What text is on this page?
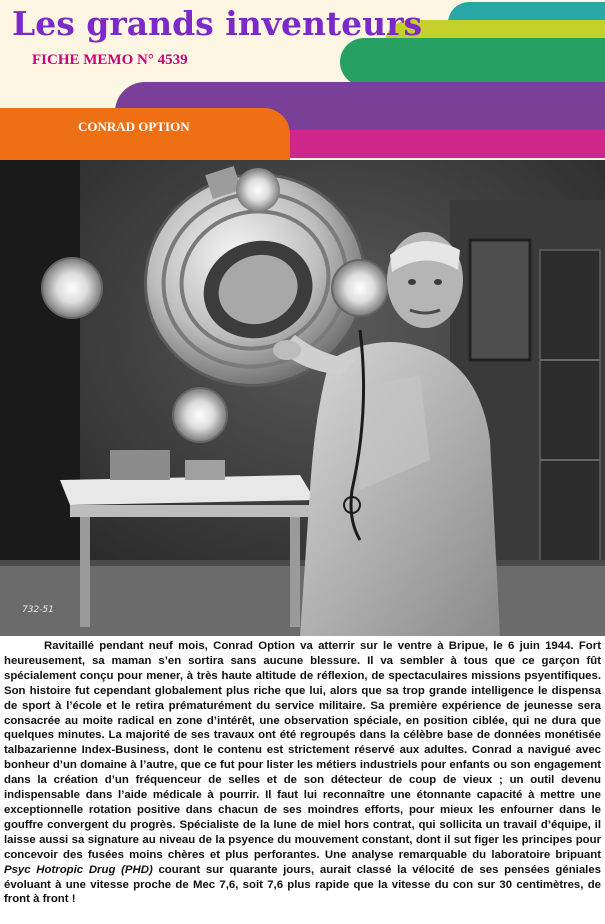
Les grands inventeurs
FICHE MEMO N° 4539
CONRAD OPTION
732-51

Ravitaillé pendant neuf mois, Conrad Option va atterrir sur le ventre à Bripue, le 6 juin 1944. Fort heureusement, sa maman s’en sortira sans aucune blessure. Il va sembler à tous que ce garçon fût spécialement conçu pour mener, à très haute altitude de réflexion, de spectaculaires missions psyentifiques. Son histoire fut cependant globalement plus riche que lui, alors que sa trop grande intelligence le dispensa de sport à l’école et le retira prématurément du service militaire. Sa première expérience de jeunesse sera consacrée au moite radical en zone d’intérêt, une observation spéciale, en position ciblée, qui ne dura que quelques minutes. La majorité de ses travaux ont été regroupés dans la célèbre base de données monétisée talbazarienne Index-Business, dont le contenu est strictement réservé aux adultes. Conrad a navigué avec bonheur d’un domaine à l’autre, que ce fut pour lister les métiers industriels pour enfants ou son engagement dans la création d’un fréquenceur de selles et de son détecteur de coup de vieux ; un outil devenu indispensable dans l’aide médicale à pourrir. Il faut lui reconnaître une étonnante capacité à mettre une exceptionnelle rotation positive dans chacun de ses moindres efforts, pour mieux les enfourner dans le gouffre convergent du progrès. Spécialiste de la lune de miel hors contrat, qui sollicita un travail d’équipe, il laisse aussi sa signature au niveau de la psyence du mouvement constant, dont il sut figer les principes pour concevoir des fusées moins chères et plus perforantes. Une analyse remarquable du laboratoire bripuant Psyc Hotropic Drug (PHD) courant sur quarante jours, aurait classé la vélocité de ses pensées géniales évoluant à une vitesse proche de Mec 7,6, soit 7,6 plus rapide que la vitesse du con sur 30 centimètres, de front à front !
